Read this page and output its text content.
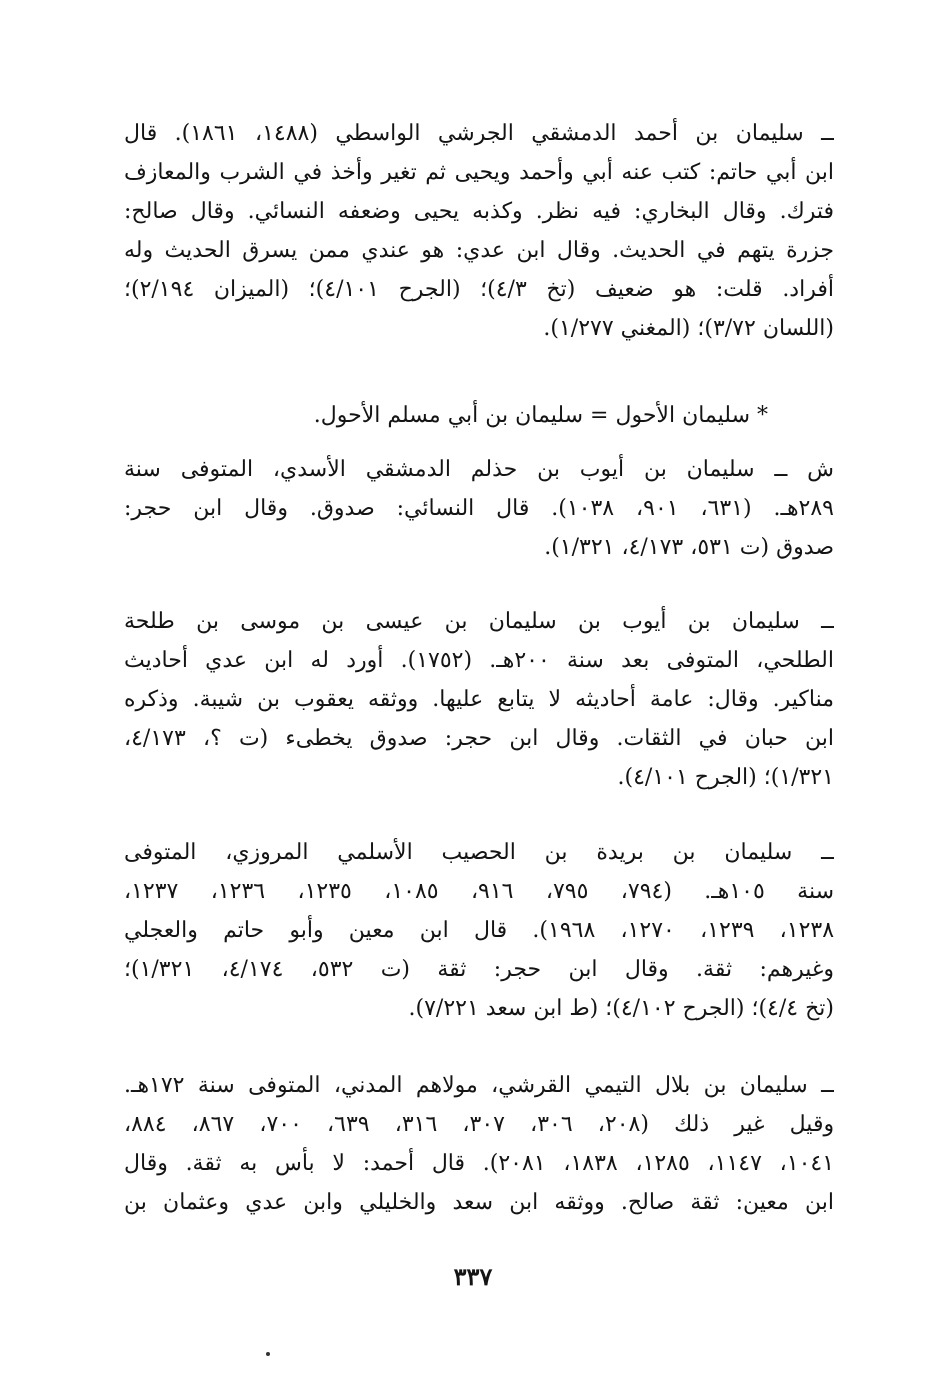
ــ سليمان بن أحمد الدمشقي الجرشي الواسطي (١٤٨٨، ١٨٦١). قال
ابن أبي حاتم: كتب عنه أبي وأحمد ويحيى ثم تغير وأخذ في الشرب والمعازف
فترك. وقال البخاري: فيه نظر. وكذبه يحيى وضعفه النسائي. وقال صالح:
جزرة يتهم في الحديث. وقال ابن عدي: هو عندي ممن يسرق الحديث وله
أفراد. قلت: هو ضعيف (تخ ٤/٣)؛ (الجرح ٤/١٠١)؛ (الميزان ٢/١٩٤)؛
(اللسان ٣/٧٢)؛ (المغني ١/٢٧٧).
* سليمان الأحول = سليمان بن أبي مسلم الأحول.
ش ــ سليمان بن أيوب بن حذلم الدمشقي الأسدي، المتوفى سنة
٢٨٩هـ. (٦٣١، ٩٠١، ١٠٣٨). قال النسائي: صدوق. وقال ابن حجر:
صدوق (ت ٥٣١، ٤/١٧٣، ١/٣٢١).
ــ سليمان بن أيوب بن سليمان بن عيسى بن موسى بن طلحة
الطلحي، المتوفى بعد سنة ٢٠٠هـ. (١٧٥٢). أورد له ابن عدي أحاديث
مناكير. وقال: عامة أحاديثه لا يتابع عليها. ووثقه يعقوب بن شيبة. وذكره
ابن حبان في الثقات. وقال ابن حجر: صدوق يخطىء (ت ؟، ٤/١٧٣،
١/٣٢١)؛ (الجرح ٤/١٠١).
ــ سليمان بن بريدة بن الحصيب الأسلمي المروزي، المتوفى
سنة ١٠٥هـ. (٧٩٤، ٧٩٥، ٩١٦، ١٠٨٥، ١٢٣٥، ١٢٣٦، ١٢٣٧،
١٢٣٨، ١٢٣٩، ١٢٧٠، ١٩٦٨). قال ابن معين وأبو حاتم والعجلي
وغيرهم: ثقة. وقال ابن حجر: ثقة (ت ٥٣٢، ٤/١٧٤، ١/٣٢١)؛
(تخ ٤/٤)؛ (الجرح ٤/١٠٢)؛ (ط ابن سعد ٧/٢٢١).
ــ سليمان بن بلال التيمي القرشي، مولاهم المدني، المتوفى سنة ١٧٢هـ.
وقيل غير ذلك (٢٠٨، ٣٠٦، ٣٠٧، ٣١٦، ٦٣٩، ٧٠٠، ٨٦٧، ٨٨٤،
١٠٤١، ١١٤٧، ١٢٨٥، ١٨٣٨، ٢٠٨١). قال أحمد: لا بأس به ثقة. وقال
ابن معين: ثقة صالح. ووثقه ابن سعد والخليلي وابن عدي وعثمان بن
٣٣٧
